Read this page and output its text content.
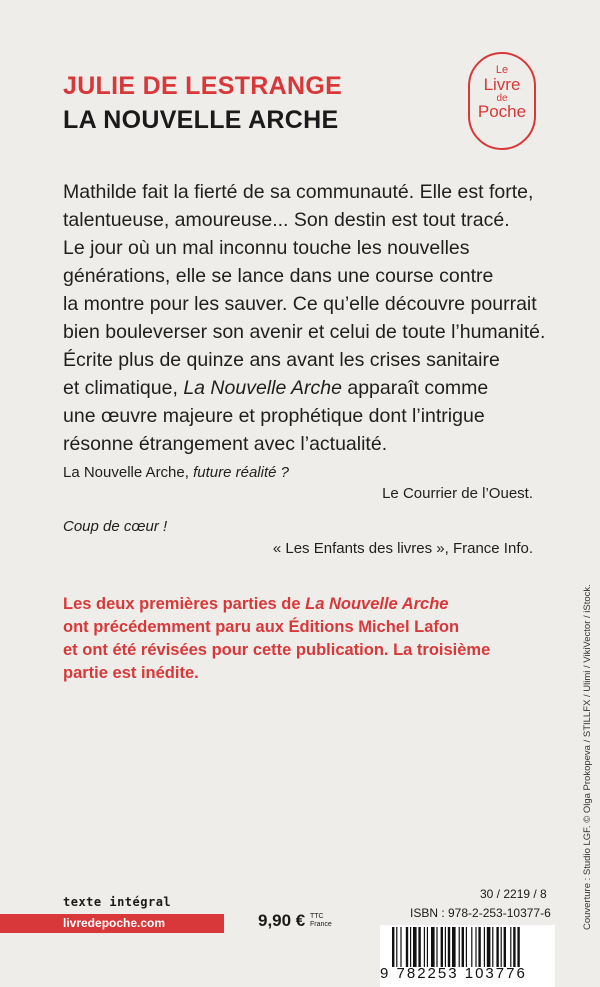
JULIE DE LESTRANGE
LA NOUVELLE ARCHE
Le
Livre
de
Poche

Mathilde fait la fierté de sa communauté. Elle est forte,

talentueuse, amoureuse... Son destin est tout tracé.

Le jour où un mal inconnu touche les nouvelles

générations, elle se lance dans une course contre

la montre pour les sauver. Ce qu’elle découvre pourrait

bien bouleverser son avenir et celui de toute l’humanité.

Écrite plus de quinze ans avant les crises sanitaire

et climatique, La Nouvelle Arche apparaît comme

une œuvre majeure et prophétique dont l’intrigue

résonne étrangement avec l’actualité.

La Nouvelle Arche, future réalité ?
Le Courrier de l’Ouest.
Coup de cœur !
« Les Enfants des livres », France Info.

Les deux premières parties de La Nouvelle Arche

ont précédemment paru aux Éditions Michel Lafon

et ont été révisées pour cette publication. La troisième

partie est inédite.	Couverture : Studio LGF. © Olga Prokopeva / STILLFX / Ulimi / VikiVector / iStock.
texte intégral
livredepoche.com	9,90 € TTC
France
30 / 2219 / 8
ISBN : 978-2-253-10377-6
9 782253 103776
